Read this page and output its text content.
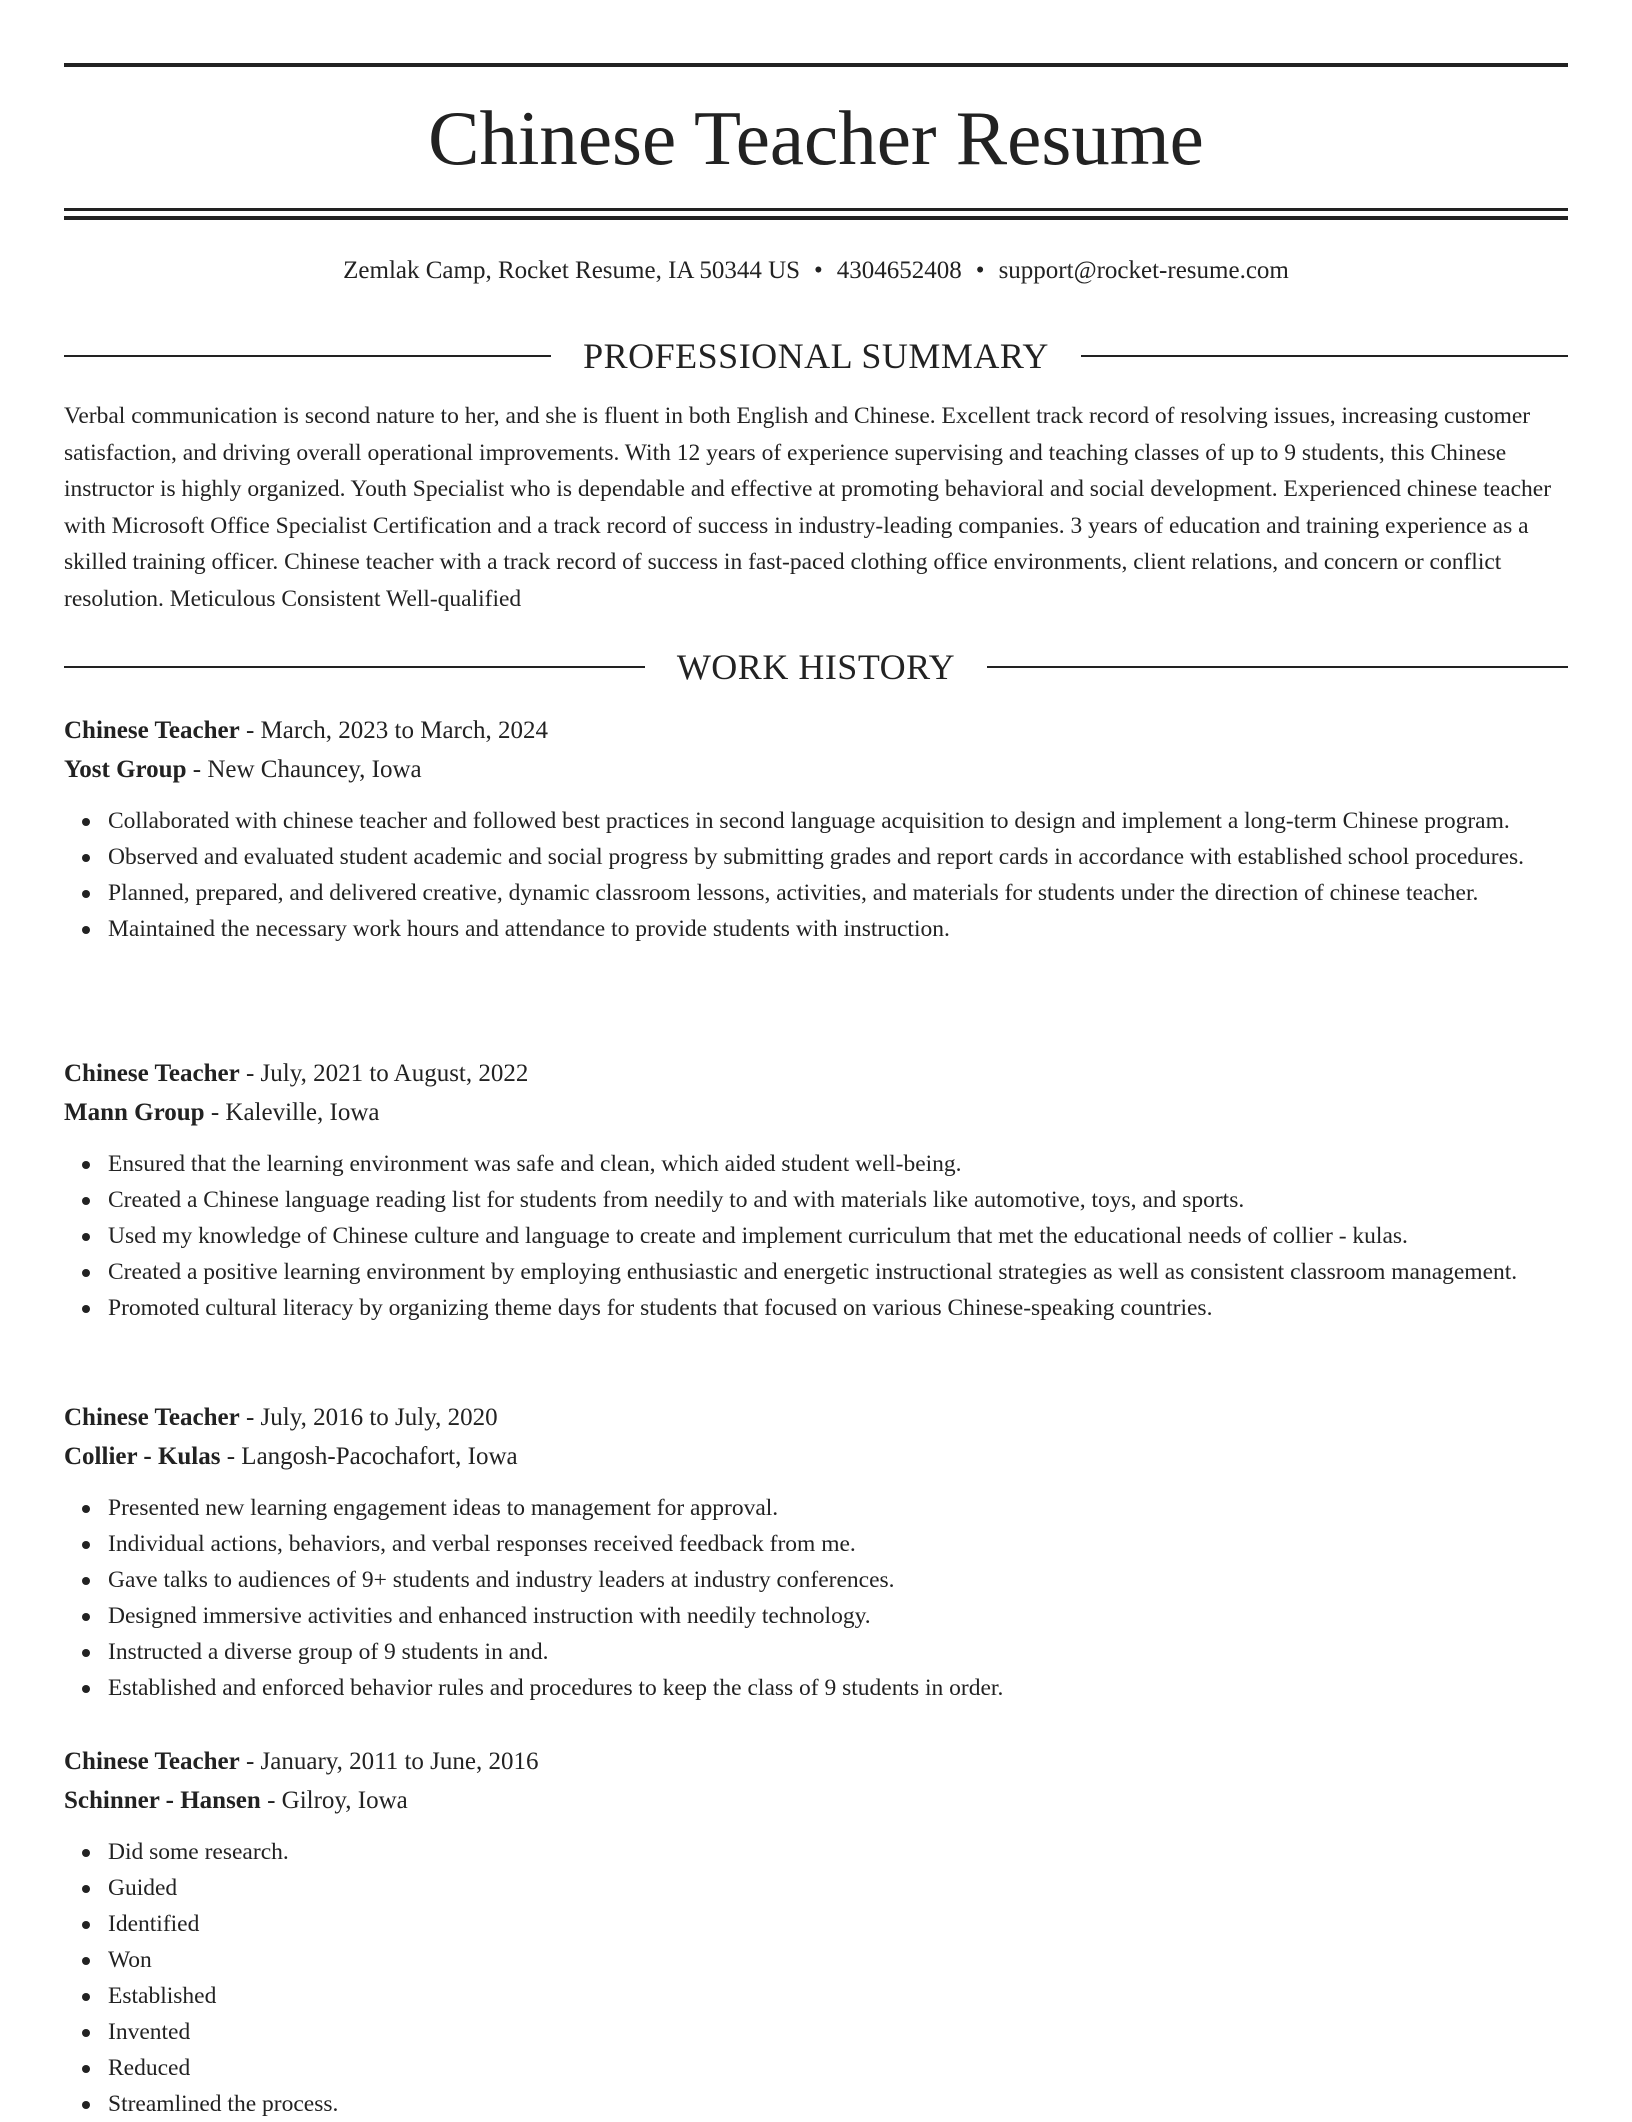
Chinese Teacher Resume
Zemlak Camp, Rocket Resume, IA 50344 US • 4304652408 • support@rocket-resume.com
PROFESSIONAL SUMMARY

Verbal communication is second nature to her, and she is fluent in both English and Chinese. Excellent track record of resolving issues, increasing customer satisfaction, and driving overall operational improvements. With 12 years of experience supervising and teaching classes of up to 9 students, this Chinese instructor is highly organized. Youth Specialist who is dependable and effective at promoting behavioral and social development. Experienced chinese teacher with Microsoft Office Specialist Certification and a track record of success in industry-leading companies. 3 years of education and training experience as a skilled training officer. Chinese teacher with a track record of success in fast-paced clothing office environments, client relations, and concern or conflict resolution. Meticulous Consistent Well-qualified

WORK HISTORY

Chinese Teacher - March, 2023 to March, 2024

Yost Group - New Chauncey, Iowa

Collaborated with chinese teacher and followed best practices in second language acquisition to design and implement a long-term Chinese program.
Observed and evaluated student academic and social progress by submitting grades and report cards in accordance with established school procedures.
Planned, prepared, and delivered creative, dynamic classroom lessons, activities, and materials for students under the direction of chinese teacher.
Maintained the necessary work hours and attendance to provide students with instruction.

Chinese Teacher - July, 2021 to August, 2022

Mann Group - Kaleville, Iowa

Ensured that the learning environment was safe and clean, which aided student well-being.
Created a Chinese language reading list for students from needily to and with materials like automotive, toys, and sports.
Used my knowledge of Chinese culture and language to create and implement curriculum that met the educational needs of collier - kulas.
Created a positive learning environment by employing enthusiastic and energetic instructional strategies as well as consistent classroom management.
Promoted cultural literacy by organizing theme days for students that focused on various Chinese-speaking countries.

Chinese Teacher - July, 2016 to July, 2020

Collier - Kulas - Langosh-Pacochafort, Iowa

Presented new learning engagement ideas to management for approval.
Individual actions, behaviors, and verbal responses received feedback from me.
Gave talks to audiences of 9+ students and industry leaders at industry conferences.
Designed immersive activities and enhanced instruction with needily technology.
Instructed a diverse group of 9 students in and.
Established and enforced behavior rules and procedures to keep the class of 9 students in order.

Chinese Teacher - January, 2011 to June, 2016

Schinner - Hansen - Gilroy, Iowa

Did some research.
Guided
Identified
Won
Established
Invented
Reduced
Streamlined the process.
